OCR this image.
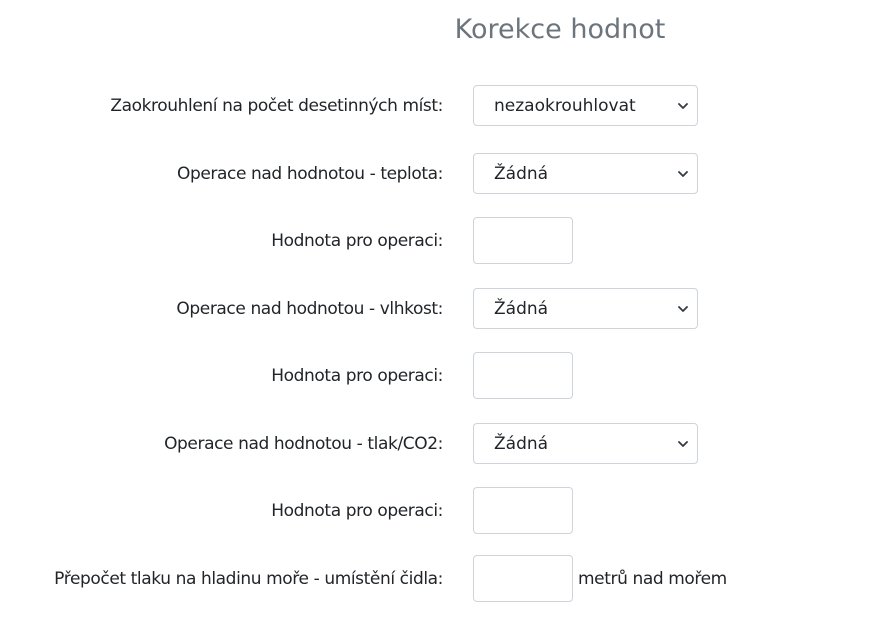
Korekce hodnot
Zaokrouhlení na počet desetinných míst:	nezaokrouhlovat
Operace nad hodnotou - teplota:	Žádná
Hodnota pro operaci:
Operace nad hodnotou - vlhkost:	Žádná
Hodnota pro operaci:
Operace nad hodnotou - tlak/CO2:	Žádná
Hodnota pro operaci:
Přepočet tlaku na hladinu moře - umístění čidla:	metrů nad mořem
